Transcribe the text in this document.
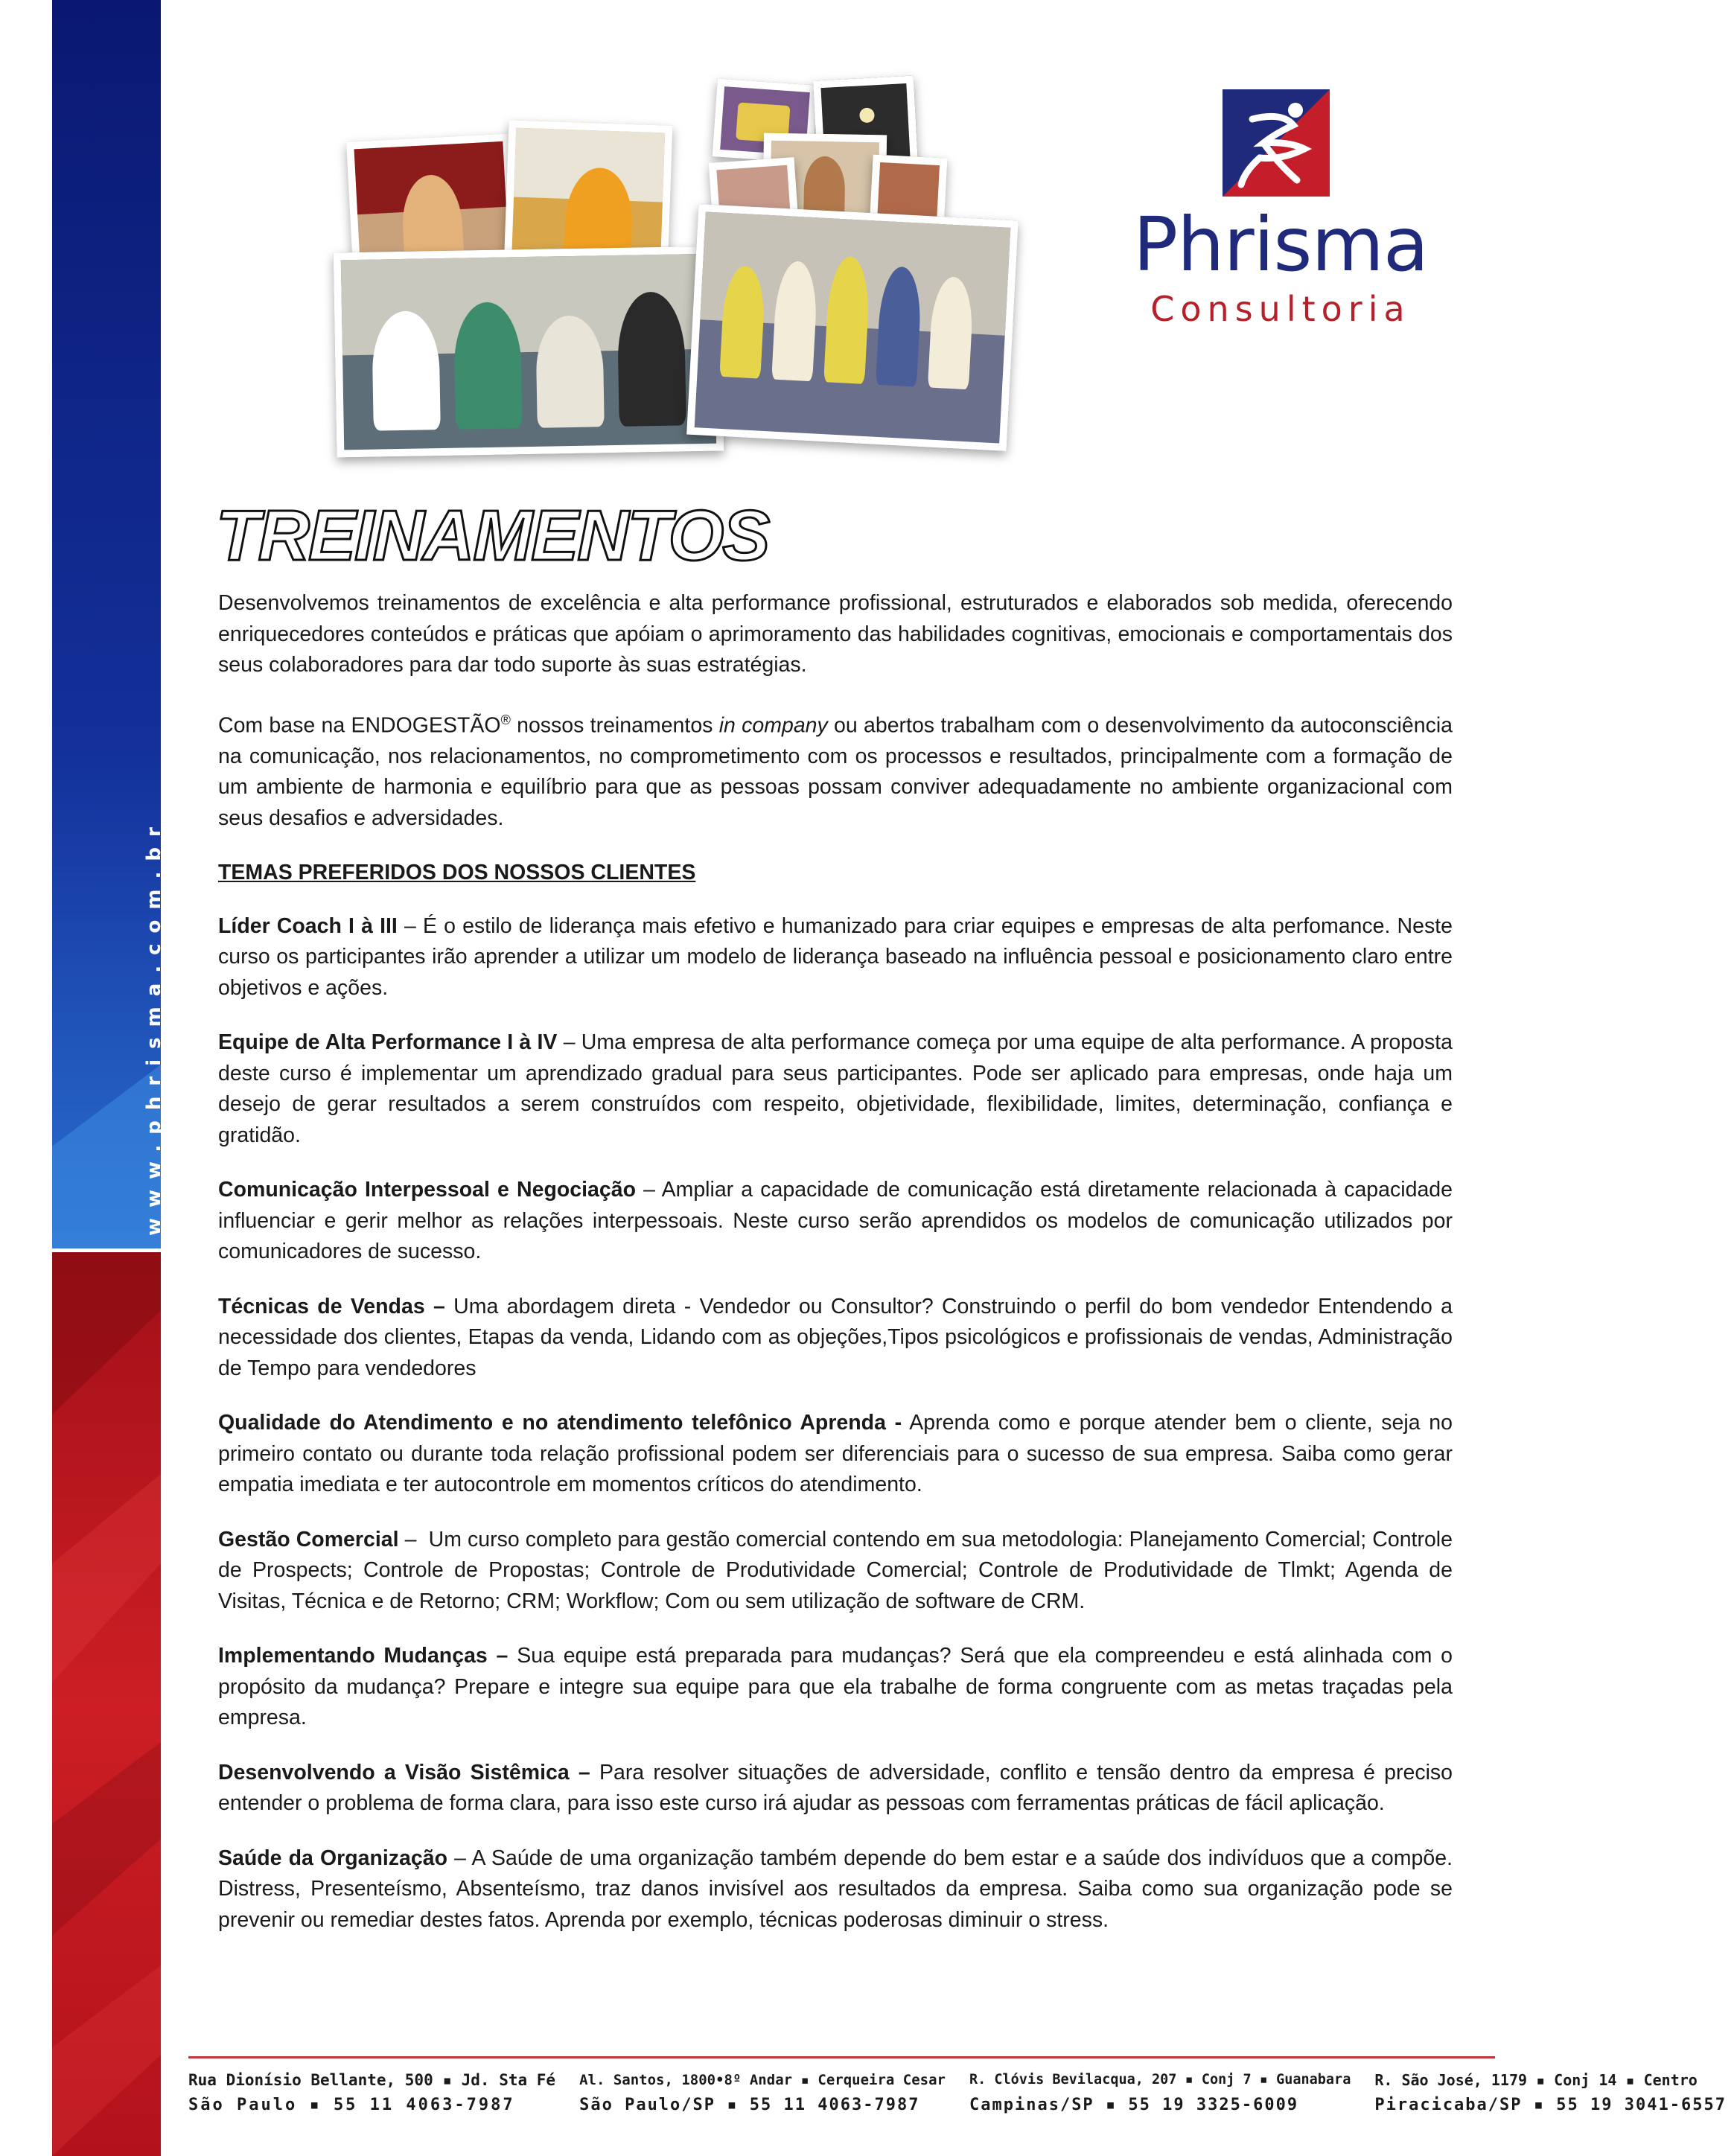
www.phrisma.com.br
Phrisma
Consultoria
TREINAMENTOS

Desenvolvemos treinamentos de excelência e alta performance profissional, estruturados e elaborados sob medida, oferecendo enriquecedores conteúdos e práticas que apóiam o aprimoramento das habilidades cognitivas, emocionais e comportamentais dos seus colaboradores para dar todo suporte às suas estratégias.

Com base na ENDOGESTÃO® nossos treinamentos in company ou abertos trabalham com o desenvolvimento da autoconsciência na comunicação, nos relacionamentos, no comprometimento com os processos e resultados, principalmente com a formação de um ambiente de harmonia e equilíbrio para que as pessoas possam conviver adequadamente no ambiente organizacional com seus desafios e adversidades.

TEMAS PREFERIDOS DOS NOSSOS CLIENTES

Líder Coach I à III – É o estilo de liderança mais efetivo e humanizado para criar equipes e empresas de alta perfomance. Neste curso os participantes irão aprender a utilizar um modelo de liderança baseado na influência pessoal e posicionamento claro entre objetivos e ações.

Equipe de Alta Performance I à IV – Uma empresa de alta performance começa por uma equipe de alta performance. A proposta deste curso é implementar um aprendizado gradual para seus participantes. Pode ser aplicado para empresas, onde haja um desejo de gerar resultados a serem construídos com respeito, objetividade, flexibilidade, limites, determinação, confiança e gratidão.

Comunicação Interpessoal e Negociação – Ampliar a capacidade de comunicação está diretamente relacionada à capacidade influenciar e gerir melhor as relações interpessoais. Neste curso serão aprendidos os modelos de comunicação utilizados por comunicadores de sucesso.

Técnicas de Vendas – Uma abordagem direta - Vendedor ou Consultor? Construindo o perfil do bom vendedor Entendendo a necessidade dos clientes, Etapas da venda, Lidando com as objeções,Tipos psicológicos e profissionais de vendas, Administração de Tempo para vendedores

Qualidade do Atendimento e no atendimento telefônico Aprenda - Aprenda como e porque atender bem o cliente, seja no primeiro contato ou durante toda relação profissional podem ser diferenciais para o sucesso de sua empresa. Saiba como gerar empatia imediata e ter autocontrole em momentos críticos do atendimento.

Gestão Comercial –  Um curso completo para gestão comercial contendo em sua metodologia: Planejamento Comercial; Controle de Prospects; Controle de Propostas; Controle de Produtividade Comercial; Controle de Produtividade de Tlmkt; Agenda de Visitas, Técnica e de Retorno; CRM; Workflow; Com ou sem utilização de software de CRM.

Implementando Mudanças – Sua equipe está preparada para mudanças? Será que ela compreendeu e está alinhada com o propósito da mudança? Prepare e integre sua equipe para que ela trabalhe de forma congruente com as metas traçadas pela empresa.

Desenvolvendo a Visão Sistêmica – Para resolver situações de adversidade, conflito e tensão dentro da empresa é preciso entender o problema de forma clara, para isso este curso irá ajudar as pessoas com ferramentas práticas de fácil aplicação.

Saúde da Organização – A Saúde de uma organização também depende do bem estar e a saúde dos indivíduos que a compõe. Distress, Presenteísmo, Absenteísmo, traz danos invisível aos resultados da empresa. Saiba como sua organização pode se prevenir ou remediar destes fatos. Aprenda por exemplo, técnicas poderosas diminuir o stress.

Rua Dionísio Bellante, 500 ▪ Jd. Sta Fé
São Paulo ▪ 55 11 4063-7987
Al. Santos, 1800•8º Andar ▪ Cerqueira Cesar
São Paulo/SP ▪ 55 11 4063-7987
R. Clóvis Bevilacqua, 207 ▪ Conj 7 ▪ Guanabara
Campinas/SP ▪ 55 19 3325-6009
R. São José, 1179 ▪ Conj 14 ▪ Centro
Piracicaba/SP ▪ 55 19 3041-6557
